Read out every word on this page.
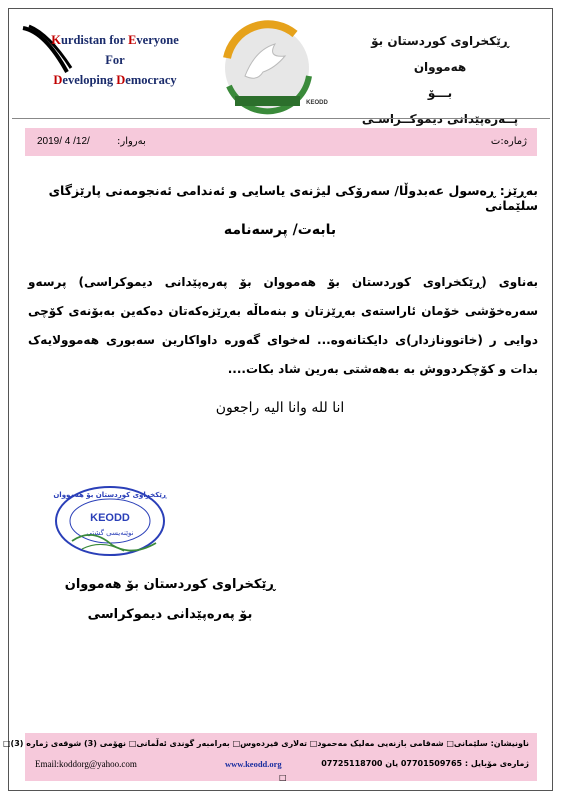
Kurdistan for Everyone
For
Developing Democracy
KEODD
ڕێكخراوی كوردستان بۆ هەمووان
بـــۆ
پــەرەپێدانی دیموکــراسـی
ژمارە:ت
بەروار:
2019/ 4 /12/
بەڕێز: ڕەسول عەبدوڵا/ سەرۆکی لیژنەی یاسایی و ئەندامی ئەنجومەنی پارێزگای سلێمانی
بابەت/ پرسەنامە
بەناوی (ڕێکخراوی کوردستان بۆ هەمووان بۆ پەرەپێدانی دیموکراسی) پرسەو سەرەخۆشی خۆمان ئاراستەی بەڕێزتان و بنەماڵە بەڕێزەکەتان دەکەین بەبۆنەی کۆچی دوایی ر (خاتوونازدار)ی دایکتانەوە... لەخوای گەورە داواکارین سەبوری هەموولایەک بدات و کۆچکردووش بە بەهەشتی بەرین شاد بکات....
انا لله وانا اليه راجعون
ڕێکخراوی کوردستان بۆ هەمووان
KEODD
نوێنەیسی گشتی
ڕێکخراوی کوردستان بۆ هەمووان
بۆ پەرەپێدانی دیموکراسی
ناونیشان: سلێمانی□ شەقامی بازنەیی مەلیک مەحمود□ تەلاری فیردەوس□ بەرامبەر گوندی ئەڵمانی□ نهۆمی (3) شوقەی ژمارە (3)□
ژمارەی مۆبایل : 07701509765 یان 07725118700
www.keodd.org
Email:koddorg@yahoo.com
□
